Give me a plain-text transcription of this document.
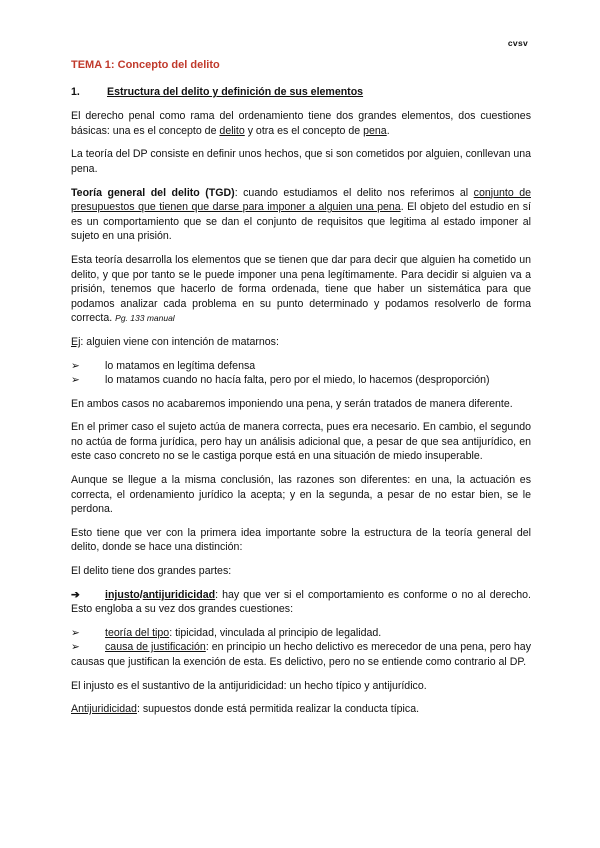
cvsv
TEMA 1: Concepto del delito
1.	Estructura del delito y definición de sus elementos

El derecho penal como rama del ordenamiento tiene dos grandes elementos, dos cuestiones básicas: una es el concepto de delito y otra es el concepto de pena.

La teoría del DP consiste en definir unos hechos, que si son cometidos por alguien, conllevan una pena.

Teoría general del delito (TGD): cuando estudiamos el delito nos referimos al conjunto de presupuestos que tienen que darse para imponer a alguien una pena. El objeto del estudio en sí es un comportamiento que se dan el conjunto de requisitos que legitima al estado imponer al sujeto en una prisión.

Esta teoría desarrolla los elementos que se tienen que dar para decir que alguien ha cometido un delito, y que por tanto se le puede imponer una pena legítimamente. Para decidir si alguien va a prisión, tenemos que hacerlo de forma ordenada, tiene que haber un sistemática para que podamos analizar cada problema en su punto determinado y podamos resolverlo de forma correcta. Pg. 133 manual

Ej: alguien viene con intención de matarnos:

➢	lo matamos en legítima defensa
➢	lo matamos cuando no hacía falta, pero por el miedo, lo hacemos (desproporción)

En ambos casos no acabaremos imponiendo una pena, y serán tratados de manera diferente.

En el primer caso el sujeto actúa de manera correcta, pues era necesario. En cambio, el segundo no actúa de forma jurídica, pero hay un análisis adicional que, a pesar de que sea antijurídico, en este caso concreto no se le castiga porque está en una situación de miedo insuperable.

Aunque se llegue a la misma conclusión, las razones son diferentes: en una, la actuación es correcta, el ordenamiento jurídico la acepta; y en la segunda, a pesar de no estar bien, se le perdona.

Esto tiene que ver con la primera idea importante sobre la estructura de la teoría general del delito, donde se hace una distinción:

El delito tiene dos grandes partes:

➔ injusto/antijuridicidad: hay que ver si el comportamiento es conforme o no al derecho. Esto engloba a su vez dos grandes cuestiones:

➢ teoría del tipo: tipicidad, vinculada al principio de legalidad.
➢ causa de justificación: en principio un hecho delictivo es merecedor de una pena, pero hay causas que justifican la exención de esta. Es delictivo, pero no se entiende como contrario al DP.

El injusto es el sustantivo de la antijuridicidad: un hecho típico y antijurídico.

Antijuridicidad: supuestos donde está permitida realizar la conducta típica.
